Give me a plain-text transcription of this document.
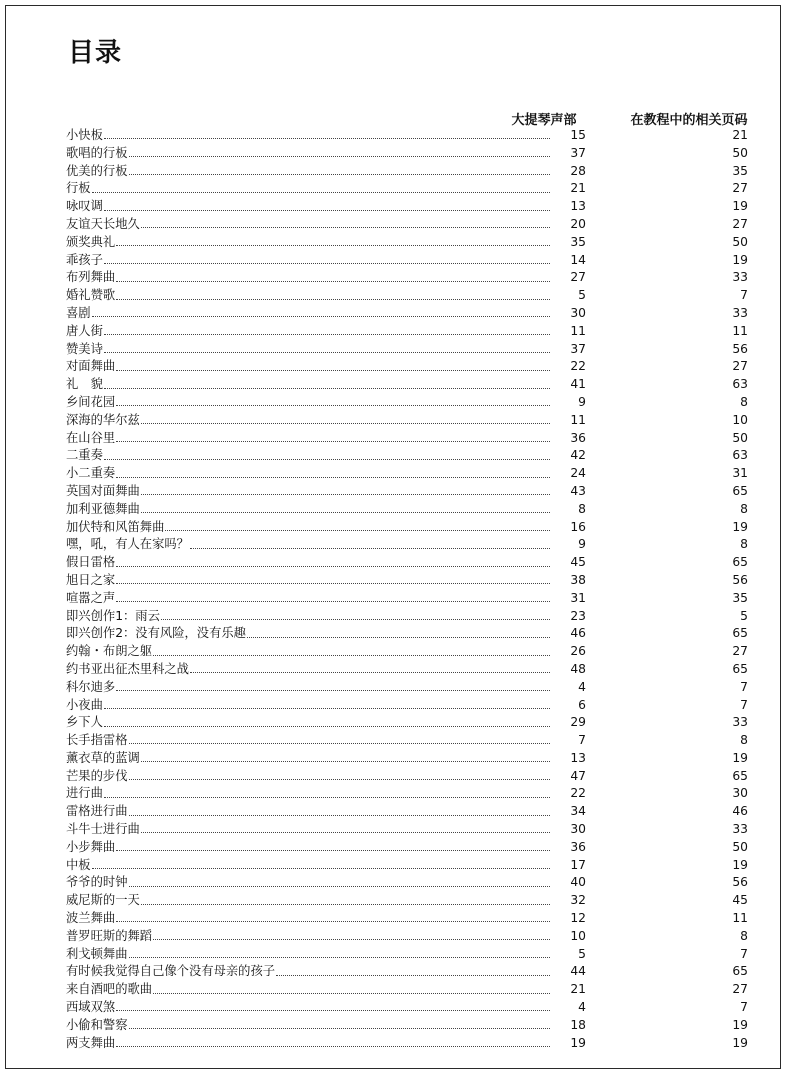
目录
大提琴声部	在教程中的相关页码
小快板	15	21
歌唱的行板	37	50
优美的行板	28	35
行板	21	27
咏叹调	13	19
友谊天长地久	20	27
颁奖典礼	35	50
乖孩子	14	19
布列舞曲	27	33
婚礼赞歌	5	7
喜剧	30	33
唐人街	11	11
赞美诗	37	56
对面舞曲	22	27
礼　貌	41	63
乡间花园	9	8
深海的华尔兹	11	10
在山谷里	36	50
二重奏	42	63
小二重奏	24	31
英国对面舞曲	43	65
加利亚德舞曲	8	8
加伏特和风笛舞曲	16	19
嘿，吼，有人在家吗？	9	8
假日雷格	45	65
旭日之家	38	56
喧嚣之声	31	35
即兴创作1：雨云	23	5
即兴创作2：没有风险，没有乐趣	46	65
约翰・布朗之躯	26	27
约书亚出征杰里科之战	48	65
科尔迪多	4	7
小夜曲	6	7
乡下人	29	33
长手指雷格	7	8
薰衣草的蓝调	13	19
芒果的步伐	47	65
进行曲	22	30
雷格进行曲	34	46
斗牛士进行曲	30	33
小步舞曲	36	50
中板	17	19
爷爷的时钟	40	56
威尼斯的一天	32	45
波兰舞曲	12	11
普罗旺斯的舞蹈	10	8
利戈顿舞曲	5	7
有时候我觉得自己像个没有母亲的孩子	44	65
来自酒吧的歌曲	21	27
西域双煞	4	7
小偷和警察	18	19
两支舞曲	19	19
